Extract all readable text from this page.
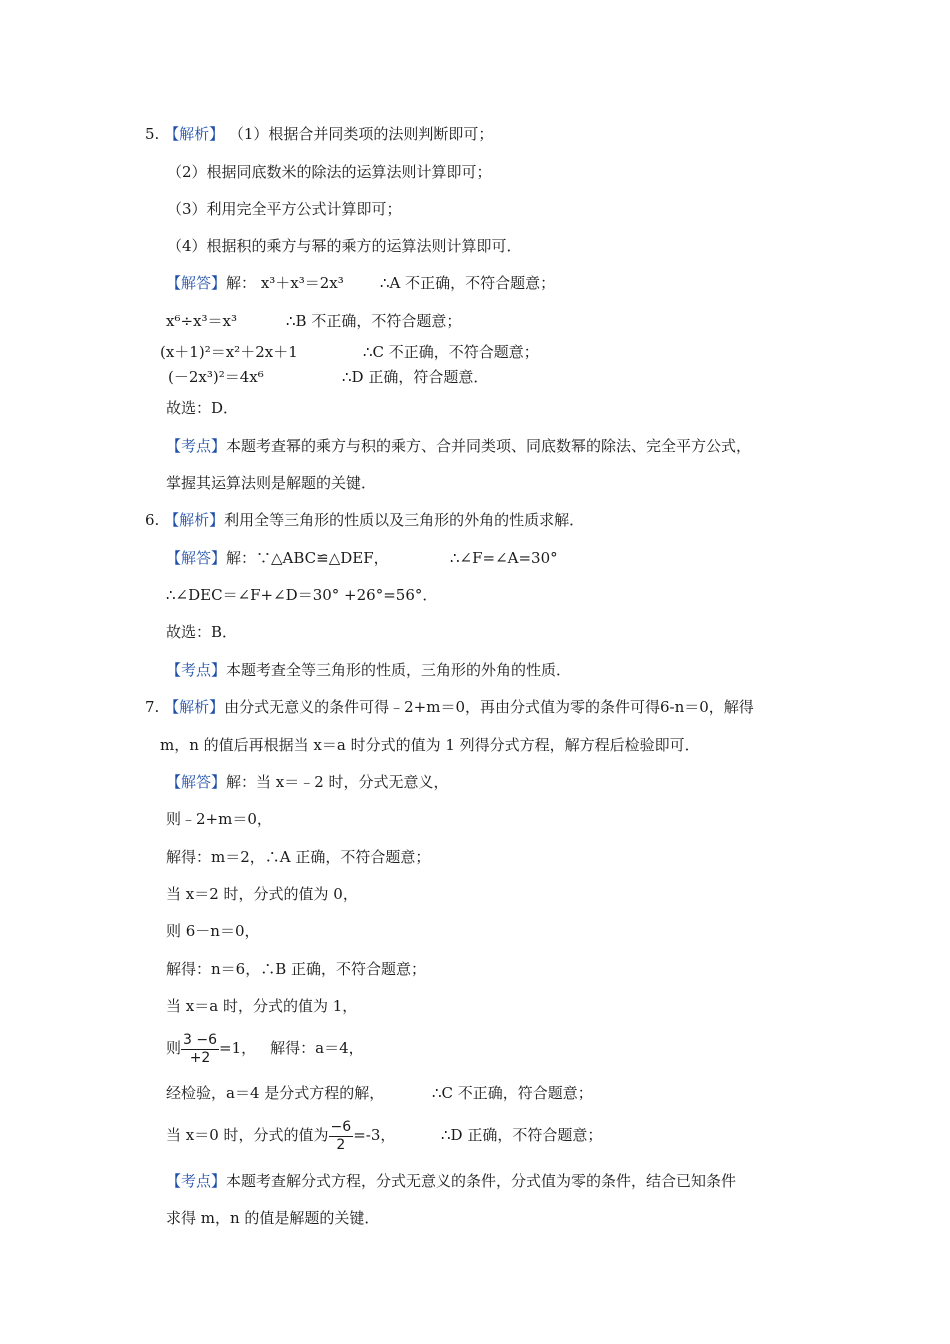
5. 【解析】 （1）根据合并同类项的法则判断即可；
（2）根据同底数米的除法的运算法则计算即可；
（3）利用完全平方公式计算即可；
（4）根据积的乘方与幂的乘方的运算法则计算即可．
【解答】解： x³＋x³＝2x³ ∴A 不正确，不符合题意；
x⁶÷x³＝x³	∴B 不正确，不符合题意；
(x＋1)²＝x²＋2x＋1	∴C 不正确，不符合题意；
(－2x³)²＝4x⁶	∴D 正确，符合题意．
故选：D．
【考点】本题考查幂的乘方与积的乘方、合并同类项、同底数幂的除法、完全平方公式，
掌握其运算法则是解题的关键．
6. 【解析】利用全等三角形的性质以及三角形的外角的性质求解．
【解答】解：∵△ABC≌△DEF，	∴∠F=∠A=30°
∴∠DEC＝∠F+∠D＝30° +26°=56°．
故选：B．
【考点】本题考查全等三角形的性质，三角形的外角的性质．
7. 【解析】由分式无意义的条件可得﹣2+m＝0，再由分式值为零的条件可得6-n＝0，解得
m，n 的值后再根据当 x＝a 时分式的值为 1 列得分式方程，解方程后检验即可．
【解答】解：当 x＝﹣2 时，分式无意义，
则﹣2+m＝0，
解得：m＝2，∴A 正确，不符合题意；
当 x＝2 时，分式的值为 0，
则 6－n＝0，
解得：n＝6，∴B 正确，不符合题意；
当 x＝a 时，分式的值为 1，
则 $\frac{3 -6}{+2} =1$， 解得：a＝4，
经检验，a＝4 是分式方程的解，	∴C 不正确，符合题意；
当 x＝0 时，分式的值为 $\frac{-6}{2} =-3$，	∴D 正确，不符合题意；
【考点】本题考查解分式方程，分式无意义的条件，分式值为零的条件，结合已知条件
求得 m，n 的值是解题的关键．
